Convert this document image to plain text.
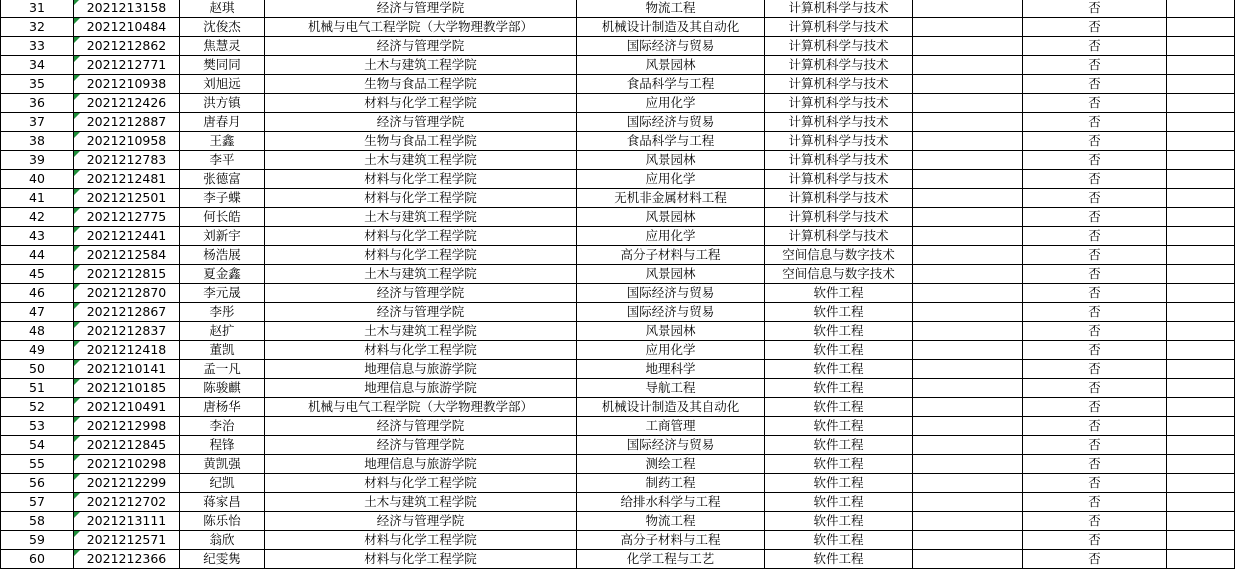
31	2021213158	赵琪	经济与管理学院	物流工程	计算机科学与技术		否	
32	2021210484	沈俊杰	机械与电气工程学院（大学物理教学部）	机械设计制造及其自动化	计算机科学与技术		否	
33	2021212862	焦慧灵	经济与管理学院	国际经济与贸易	计算机科学与技术		否	
34	2021212771	樊同同	土木与建筑工程学院	风景园林	计算机科学与技术		否	
35	2021210938	刘旭远	生物与食品工程学院	食品科学与工程	计算机科学与技术		否	
36	2021212426	洪方镇	材料与化学工程学院	应用化学	计算机科学与技术		否	
37	2021212887	唐春月	经济与管理学院	国际经济与贸易	计算机科学与技术		否	
38	2021210958	王鑫	生物与食品工程学院	食品科学与工程	计算机科学与技术		否	
39	2021212783	李平	土木与建筑工程学院	风景园林	计算机科学与技术		否	
40	2021212481	张德富	材料与化学工程学院	应用化学	计算机科学与技术		否	
41	2021212501	李子蝶	材料与化学工程学院	无机非金属材料工程	计算机科学与技术		否	
42	2021212775	何长皓	土木与建筑工程学院	风景园林	计算机科学与技术		否	
43	2021212441	刘新宇	材料与化学工程学院	应用化学	计算机科学与技术		否	
44	2021212584	杨浩展	材料与化学工程学院	高分子材料与工程	空间信息与数字技术		否	
45	2021212815	夏金鑫	土木与建筑工程学院	风景园林	空间信息与数字技术		否	
46	2021212870	李元晟	经济与管理学院	国际经济与贸易	软件工程		否	
47	2021212867	李彤	经济与管理学院	国际经济与贸易	软件工程		否	
48	2021212837	赵扩	土木与建筑工程学院	风景园林	软件工程		否	
49	2021212418	董凯	材料与化学工程学院	应用化学	软件工程		否	
50	2021210141	孟一凡	地理信息与旅游学院	地理科学	软件工程		否	
51	2021210185	陈骏麒	地理信息与旅游学院	导航工程	软件工程		否	
52	2021210491	唐杨华	机械与电气工程学院（大学物理教学部）	机械设计制造及其自动化	软件工程		否	
53	2021212998	李治	经济与管理学院	工商管理	软件工程		否	
54	2021212845	程锋	经济与管理学院	国际经济与贸易	软件工程		否	
55	2021210298	黄凯强	地理信息与旅游学院	测绘工程	软件工程		否	
56	2021212299	纪凯	材料与化学工程学院	制药工程	软件工程		否	
57	2021212702	蒋家昌	土木与建筑工程学院	给排水科学与工程	软件工程		否	
58	2021213111	陈乐怡	经济与管理学院	物流工程	软件工程		否	
59	2021212571	翁欣	材料与化学工程学院	高分子材料与工程	软件工程		否	
60	2021212366	纪雯隽	材料与化学工程学院	化学工程与工艺	软件工程		否	
